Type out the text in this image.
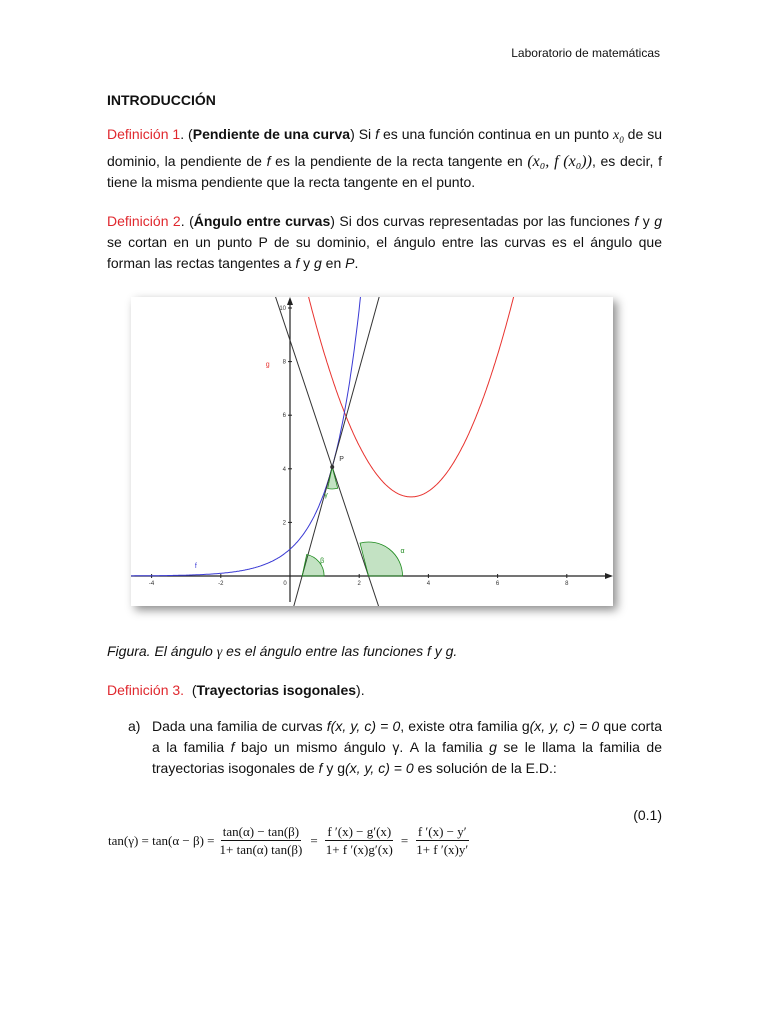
Laboratorio de matemáticas
INTRODUCCIÓN
Definición 1. (Pendiente de una curva) Si f es una función continua en un punto $x_0$ de su dominio, la pendiente de f es la pendiente de la recta tangente en (x₀, f (x₀)), es decir, f tiene la misma pendiente que la recta tangente en el punto.
Definición 2. (Ángulo entre curvas) Si dos curvas representadas por las funciones f y g se cortan en un punto P de su dominio, el ángulo entre las curvas es el ángulo que forman las rectas tangentes a f y g en P.
-4	-2	0	2	4	6	8
10
8
6
4
2
P
g
f
γ
β
α
Figura. El ángulo γ es el ángulo entre las funciones f y g.
Definición 3.  (Trayectorias isogonales).
a) Dada una familia de curvas f(x, y, c) = 0, existe otra familia g(x, y, c) = 0 que corta a la familia f bajo un mismo ángulo γ. A la familia g se le llama la familia de trayectorias isogonales de f y g(x, y, c) = 0 es solución de la E.D.:
(0.1)
$\tan(\gamma) = \tan(\alpha - \beta) = \frac{\tan(\alpha) - \tan(\beta)}{1+ \tan(\alpha) \tan(\beta)} = \frac{f '(x) - g'(x)}{1+ f '(x)g'(x)} = \frac{f '(x) - y'}{1+ f '(x)y'}$
